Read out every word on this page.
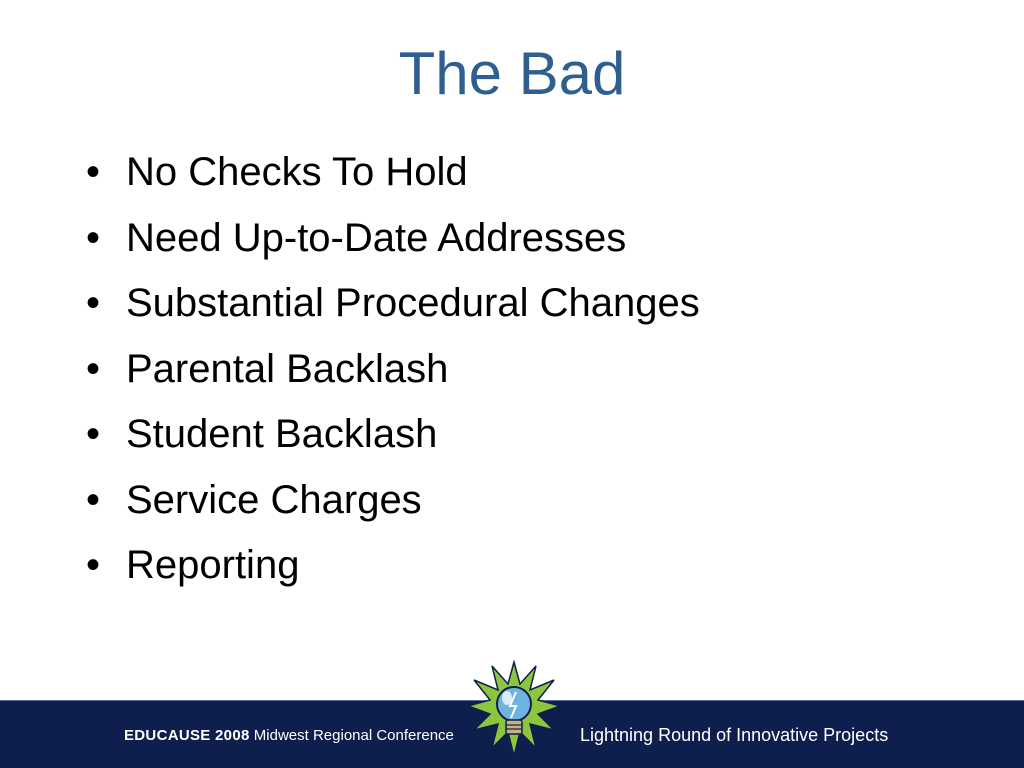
The Bad
• No Checks To Hold
• Need Up-to-Date Addresses
• Substantial Procedural Changes
• Parental Backlash
• Student Backlash
• Service Charges
• Reporting
EDUCAUSE 2008 Midwest Regional Conference	Lightning Round of Innovative Projects
